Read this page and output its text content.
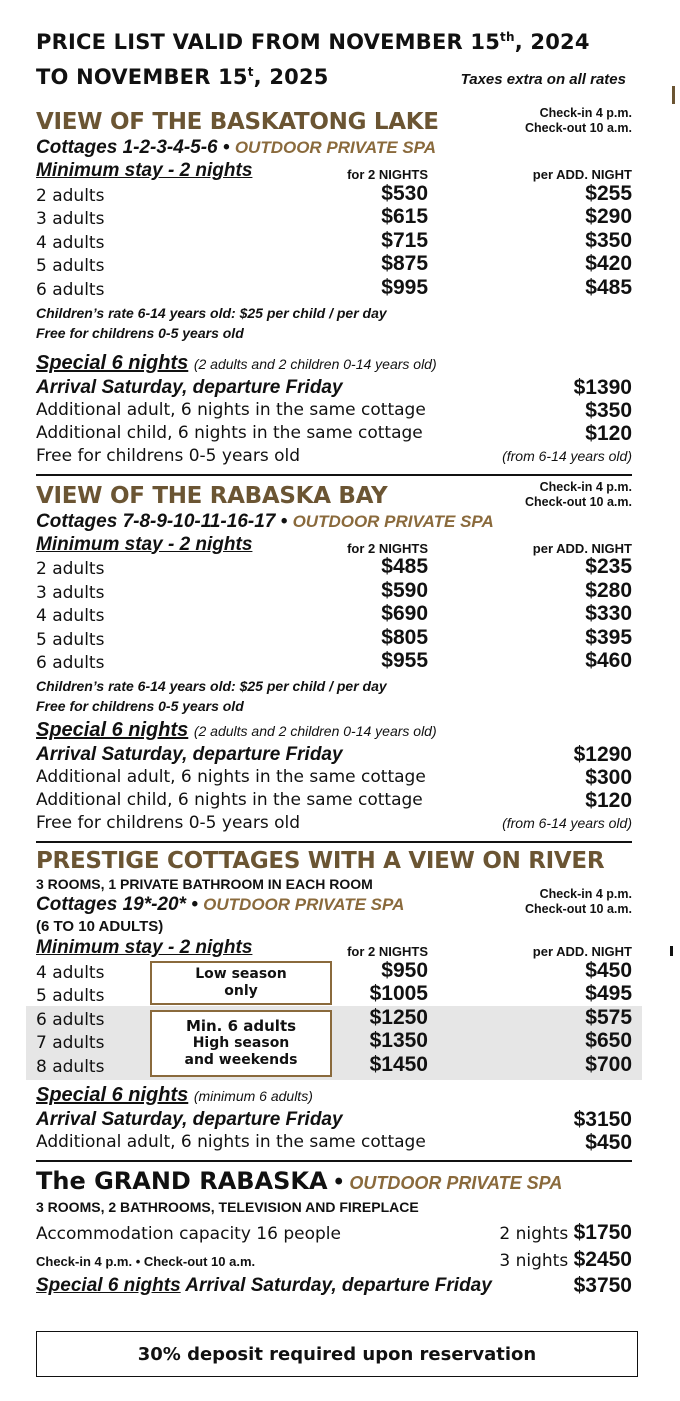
PRICE LIST VALID FROM NOVEMBER 15th, 2024
TO NOVEMBER 15$^t$, 2025	Taxes extra on all rates
VIEW OF THE BASKATONG LAKE	Check-in 4 p.m.
Check-out 10 a.m.
Cottages 1-2-3-4-5-6 • OUTDOOR PRIVATE SPA
Minimum stay - 2 nights	for 2 NIGHTS	per ADD. NIGHT
2 adults	$530	$255
3 adults	$615	$290
4 adults	$715	$350
5 adults	$875	$420
6 adults	$995	$485
Children’s rate 6-14 years old: $25 per child / per day
Free for childrens 0-5 years old
Special 6 nights (2 adults and 2 children 0-14 years old)
Arrival Saturday, departure Friday	$1390
Additional adult, 6 nights in the same cottage	$350
Additional child, 6 nights in the same cottage	$120
Free for childrens 0-5 years old	(from 6-14 years old)
VIEW OF THE RABASKA BAY	Check-in 4 p.m.
Check-out 10 a.m.
Cottages 7-8-9-10-11-16-17 • OUTDOOR PRIVATE SPA
Minimum stay - 2 nights	for 2 NIGHTS	per ADD. NIGHT
2 adults	$485	$235
3 adults	$590	$280
4 adults	$690	$330
5 adults	$805	$395
6 adults	$955	$460
Children’s rate 6-14 years old: $25 per child / per day
Free for childrens 0-5 years old
Special 6 nights (2 adults and 2 children 0-14 years old)
Arrival Saturday, departure Friday	$1290
Additional adult, 6 nights in the same cottage	$300
Additional child, 6 nights in the same cottage	$120
Free for childrens 0-5 years old	(from 6-14 years old)
PRESTIGE COTTAGES WITH A VIEW ON RIVER
3 ROOMS, 1 PRIVATE BATHROOM IN EACH ROOM
Cottages 19*-20* • OUTDOOR PRIVATE SPA
Check-in 4 p.m.
Check-out 10 a.m.
(6 TO 10 ADULTS)
Minimum stay - 2 nights	for 2 NIGHTS	per ADD. NIGHT
4 adults	$950	$450
5 adults	$1005	$495
6 adults	$1250	$575
7 adults	$1350	$650
8 adults	$1450	$700
Low season
only
Min. 6 adults
High season
and weekends
Special 6 nights (minimum 6 adults)
Arrival Saturday, departure Friday	$3150
Additional adult, 6 nights in the same cottage	$450
The GRAND RABASKA • OUTDOOR PRIVATE SPA
3 ROOMS, 2 BATHROOMS, TELEVISION AND FIREPLACE
Accommodation capacity 16 people	2 nights $1750
Check-in 4 p.m. • Check-out 10 a.m.	3 nights $2450
Special 6 nights Arrival Saturday, departure Friday	$3750
30% deposit required upon reservation
